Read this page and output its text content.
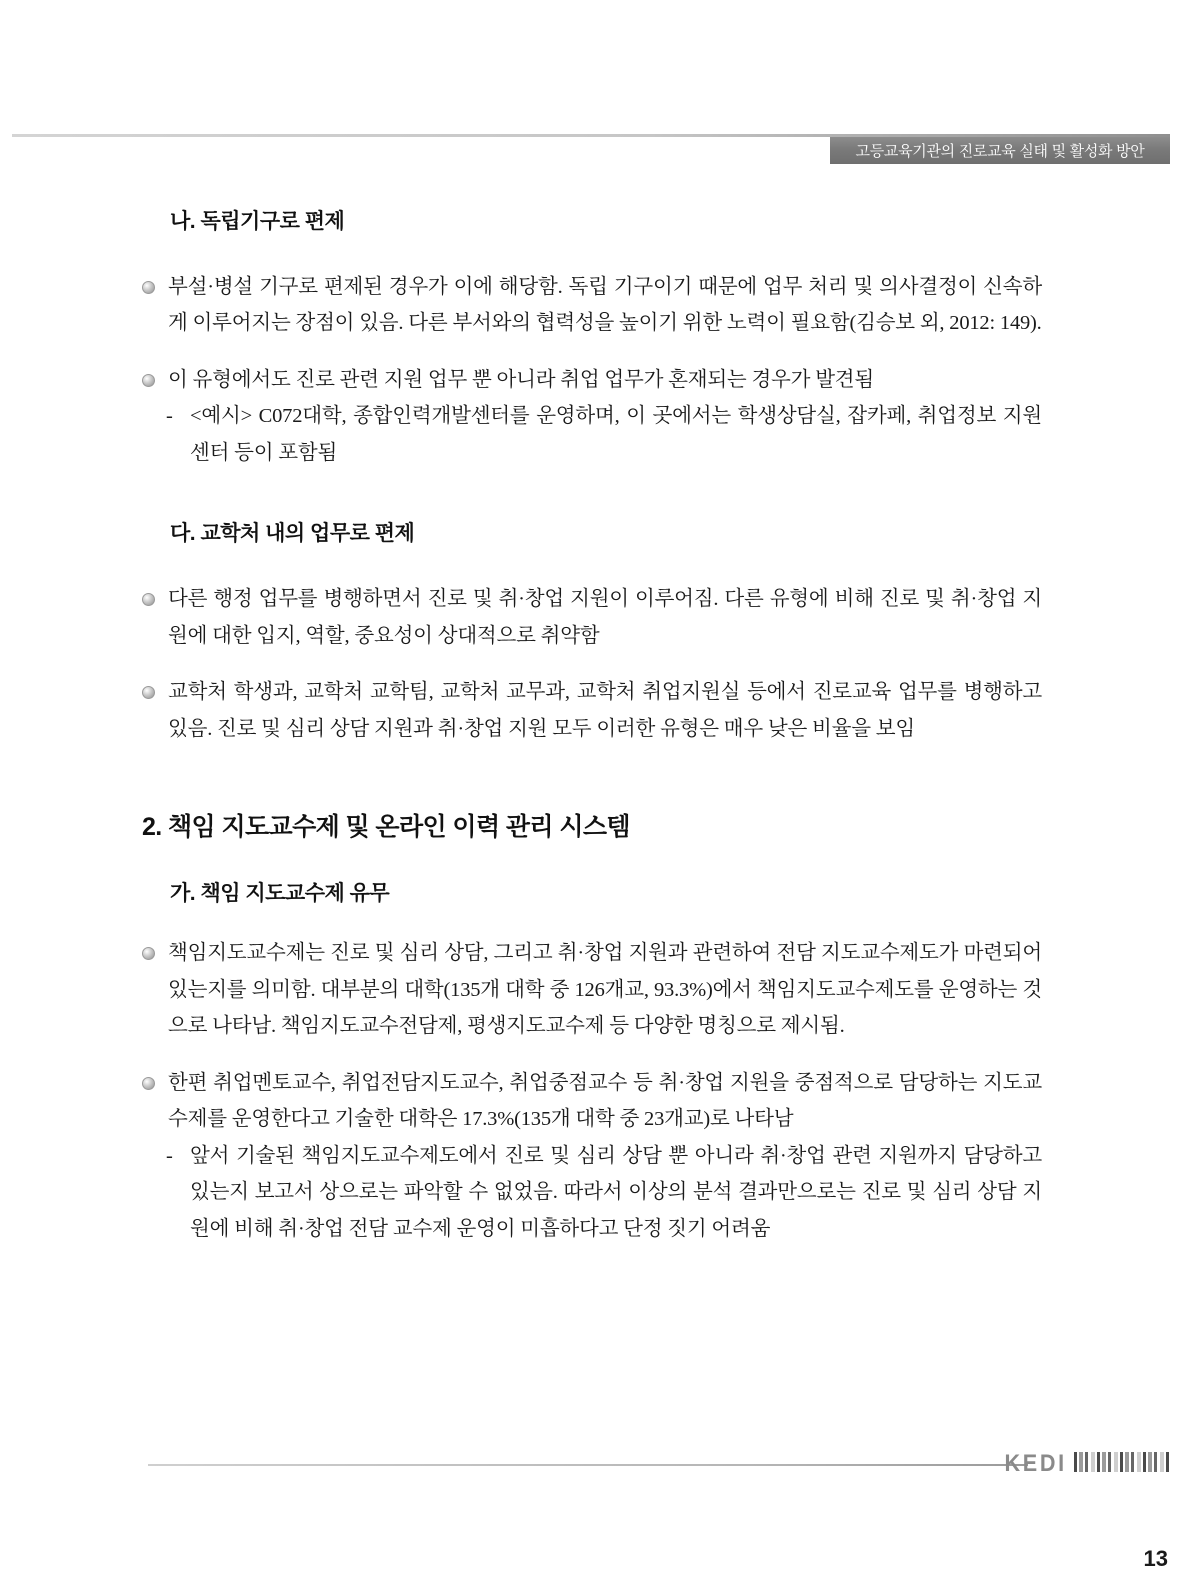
고등교육기관의 진로교육 실태 및 활성화 방안
나. 독립기구로 편제
부설·병설 기구로 편제된 경우가 이에 해당함. 독립 기구이기 때문에 업무 처리 및 의사결정이 신속하게 이루어지는 장점이 있음. 다른 부서와의 협력성을 높이기 위한 노력이 필요함(김승보 외, 2012: 149).
이 유형에서도 진로 관련 지원 업무 뿐 아니라 취업 업무가 혼재되는 경우가 발견됨
- <예시> C072대학, 종합인력개발센터를 운영하며, 이 곳에서는 학생상담실, 잡카페, 취업정보 지원센터 등이 포함됨
다. 교학처 내의 업무로 편제
다른 행정 업무를 병행하면서 진로 및 취·창업 지원이 이루어짐. 다른 유형에 비해 진로 및 취·창업 지원에 대한 입지, 역할, 중요성이 상대적으로 취약함
교학처 학생과, 교학처 교학팀, 교학처 교무과, 교학처 취업지원실 등에서 진로교육 업무를 병행하고 있음. 진로 및 심리 상담 지원과 취·창업 지원 모두 이러한 유형은 매우 낮은 비율을 보임
2. 책임 지도교수제 및 온라인 이력 관리 시스템
가. 책임 지도교수제 유무
책임지도교수제는 진로 및 심리 상담, 그리고 취·창업 지원과 관련하여 전담 지도교수제도가 마련되어 있는지를 의미함. 대부분의 대학(135개 대학 중 126개교, 93.3%)에서 책임지도교수제도를 운영하는 것으로 나타남. 책임지도교수전담제, 평생지도교수제 등 다양한 명칭으로 제시됨.
한편 취업멘토교수, 취업전담지도교수, 취업중점교수 등 취·창업 지원을 중점적으로 담당하는 지도교수제를 운영한다고 기술한 대학은 17.3%(135개 대학 중 23개교)로 나타남
- 앞서 기술된 책임지도교수제도에서 진로 및 심리 상담 뿐 아니라 취·창업 관련 지원까지 담당하고 있는지 보고서 상으로는 파악할 수 없었음. 따라서 이상의 분석 결과만으로는 진로 및 심리 상담 지원에 비해 취·창업 전담 교수제 운영이 미흡하다고 단정 짓기 어려움
KEDI
13
